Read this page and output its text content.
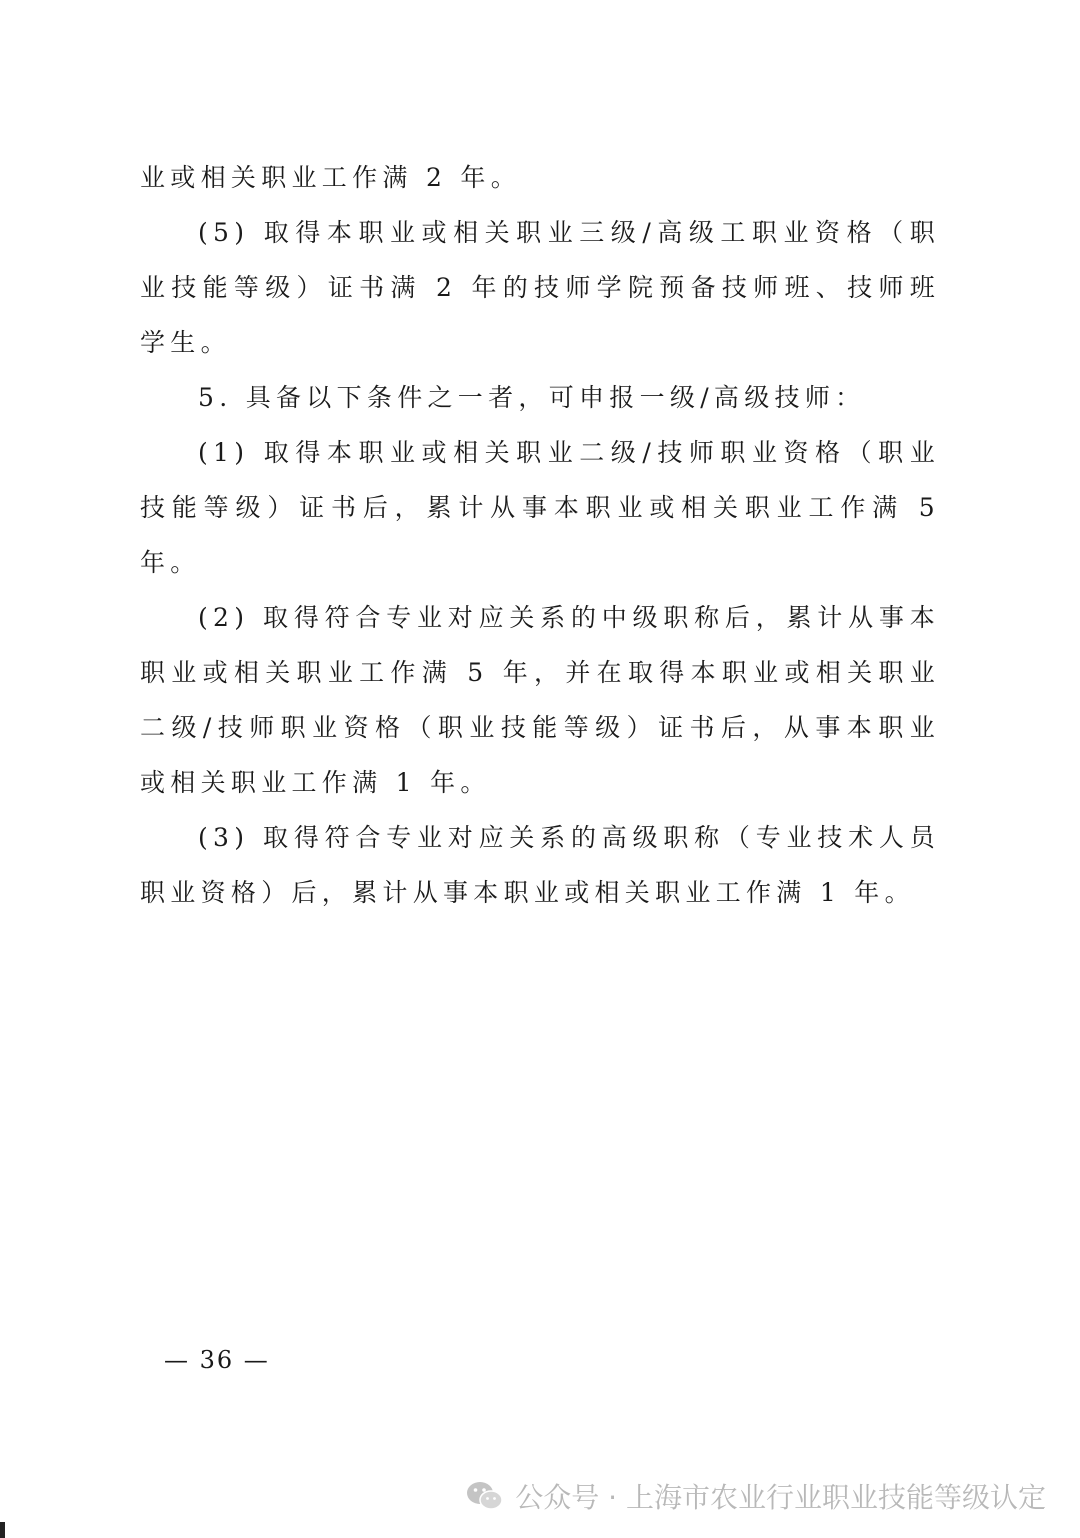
业或相关职业工作满 2 年。

(5) 取得本职业或相关职业三级/高级工职业资格（职业技能等级）证书满 2 年的技师学院预备技师班、技师班学生。

5. 具备以下条件之一者，可申报一级/高级技师：

(1) 取得本职业或相关职业二级/技师职业资格（职业技能等级）证书后，累计从事本职业或相关职业工作满 5 年。

(2) 取得符合专业对应关系的中级职称后，累计从事本职业或相关职业工作满 5 年，并在取得本职业或相关职业二级/技师职业资格（职业技能等级）证书后，从事本职业或相关职业工作满 1 年。

(3) 取得符合专业对应关系的高级职称（专业技术人员职业资格）后，累计从事本职业或相关职业工作满 1 年。

— 36 —
公众号 · 上海市农业行业职业技能等级认定
